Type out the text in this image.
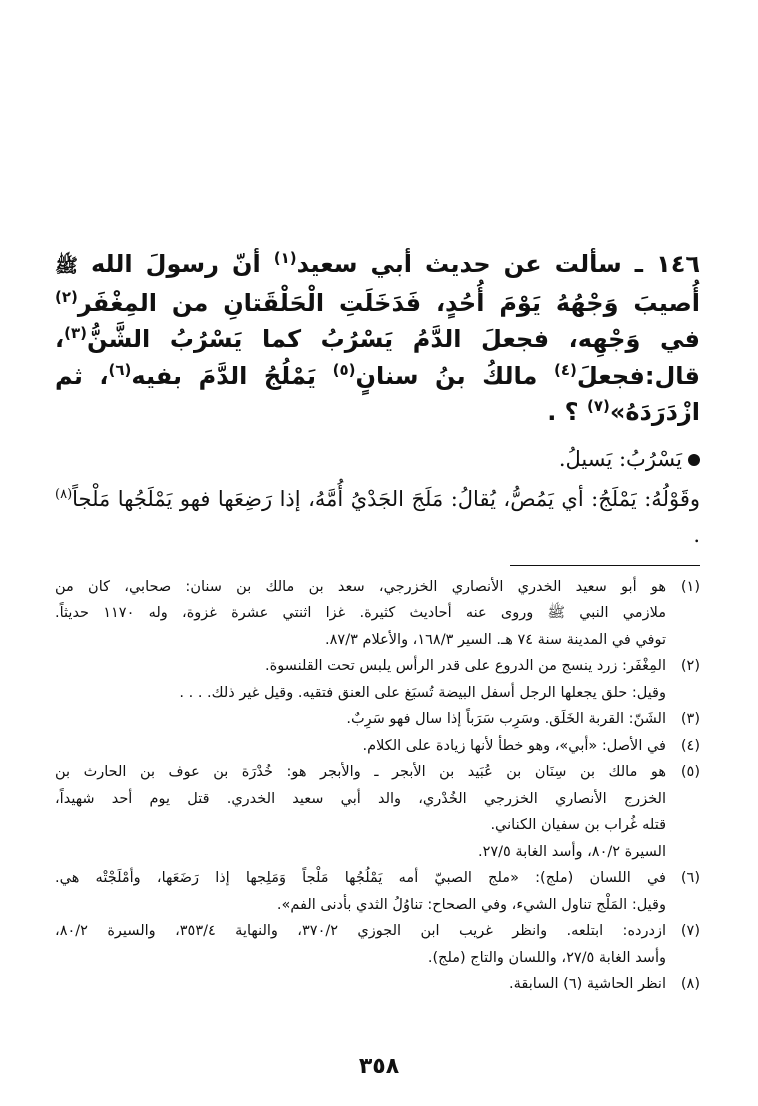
١٤٦ ـ سألت عن حديث أبي سعيد$^{(١)}$ أنّ رسولَ الله ﷺ أُصيبَ وَجْهُهُ يَوْمَ أُحُدٍ، فَدَخَلَتِ الْحَلْقَتانِ من المِغْفَر$^{(٢)}$ في وَجْهِه، فجعلَ الدَّمُ يَسْرُبُ كما يَسْرُبُ الشَّنُّ$^{(٣)}$، قال:فجعلَ$^{(٤)}$ مالكُ بنُ سنانٍ$^{(٥)}$ يَمْلُجُ الدَّمَ بفيه$^{(٦)}$، ثم ازْدَرَدَهُ»$^{(٧)}$ ؟ .

يَسْرُبُ: يَسيلُ.

وقَوْلُهُ: يَمْلَجُ: أي يَمُصُّ، يُقالُ: مَلَجَ الجَدْيُ أُمَّهُ، إذا رَضِعَها فهو يَمْلَجُها مَلْجاً$^{(٨)}$ .

(١)
هو أبو سعيد الخدري الأنصاري الخزرجي، سعد بن مالك بن سنان: صحابي، كان من
ملازمي النبي ﷺ وروى عنه أحاديث كثيرة. غزا اثنتي عشرة غزوة، وله ١١٧٠ حديثاً.
توفي في المدينة سنة ٧٤ هـ. السير ١٦٨/٣، والأعلام ٨٧/٣.
(٢)
المِغْفَر: زرد ينسج من الدروع على قدر الرأس يلبس تحت القلنسوة.
وقيل: حلق يجعلها الرجل أسفل البيضة تُسبَغ على العنق فتقيه. وقيل غير ذلك. . . .
(٣)
الشَنّ: القربة الخَلَق. وسَرِب سَرَباً إذا سال فهو سَرِبٌ.
(٤)
في الأصل: «أبي»، وهو خطأ لأنها زيادة على الكلام.
(٥)
هو مالك بن سِنَان بن عُبَيد بن الأبجر ـ والأبجر هو: خُدْرَة بن عوف بن الحارث بن
الخزرج الأنصاري الخزرجي الخُدْري، والد أبي سعيد الخدري. قتل يوم أحد شهيداً،
قتله غُراب بن سفيان الكناني.
السيرة ٨٠/٢، وأسد الغابة ٢٧/٥.
(٦)
في اللسان (ملج): «ملج الصبيّ أمه يَمْلُجُها مَلْجاً وَمَلِجها إذا رَضَعَها، وأمْلَجْتْه هي.
وقيل: المَلْج تناول الشيء، وفي الصحاح: تناوُلُ الثدي بأدنى الفم».
(٧)
ازدرده: ابتلعه. وانظر غريب ابن الجوزي ٣٧٠/٢، والنهاية ٣٥٣/٤، والسيرة ٨٠/٢،
وأسد الغابة ٢٧/٥، واللسان والتاج (ملج).
(٨)
انظر الحاشية (٦) السابقة.
٣٥٨
